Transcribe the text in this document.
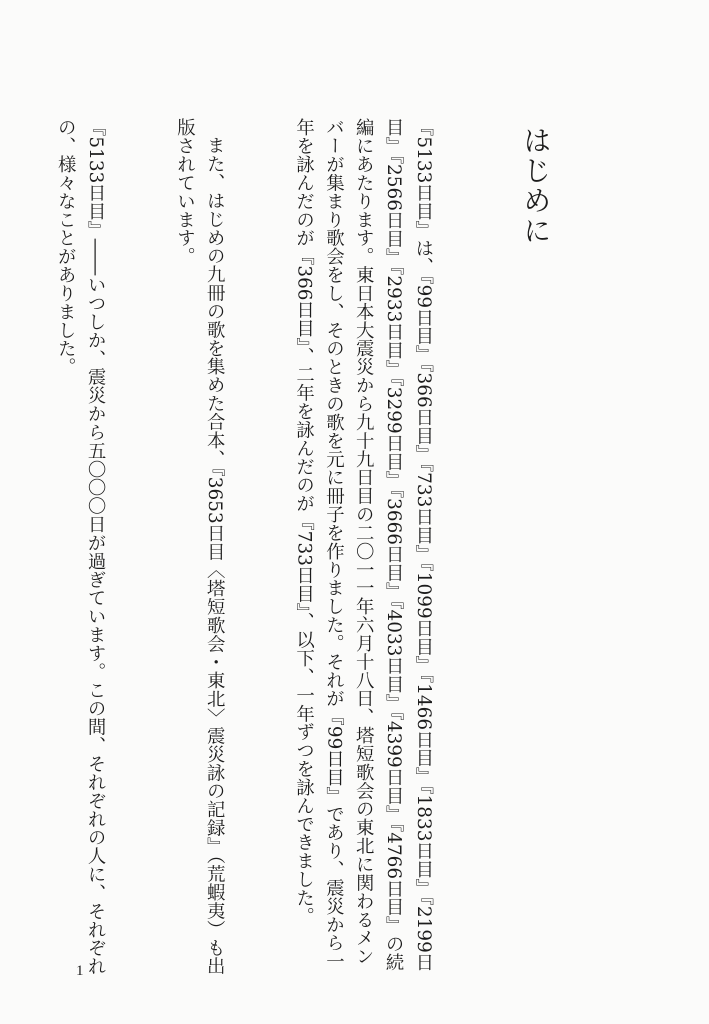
はじめに

『5133日目』は、『99日目』『366日目』『733日目』『1099日目』『1466日目』『1833日目』『2199日目』『2566日目』『2933日目』『3299日目』『3666日目』『4033日目』『4399日目』『4766日目』の続編にあたります。東日本大震災から九十九日目の二〇一一年六月十八日、塔短歌会の東北に関わるメンバーが集まり歌会をし、そのときの歌を元に冊子を作りました。それが『99日目』であり、震災から一年を詠んだのが『366日目』、二年を詠んだのが『733日目』、以下、一年ずつを詠んできました。

また、はじめの九冊の歌を集めた合本、『3653日目〈塔短歌会・東北〉震災詠の記録』（荒蝦夷）も出版されています。

『5133日目』――いつしか、震災から五〇〇〇日が過ぎています。この間、それぞれの人に、それぞれの、様々なことがありました。

1
